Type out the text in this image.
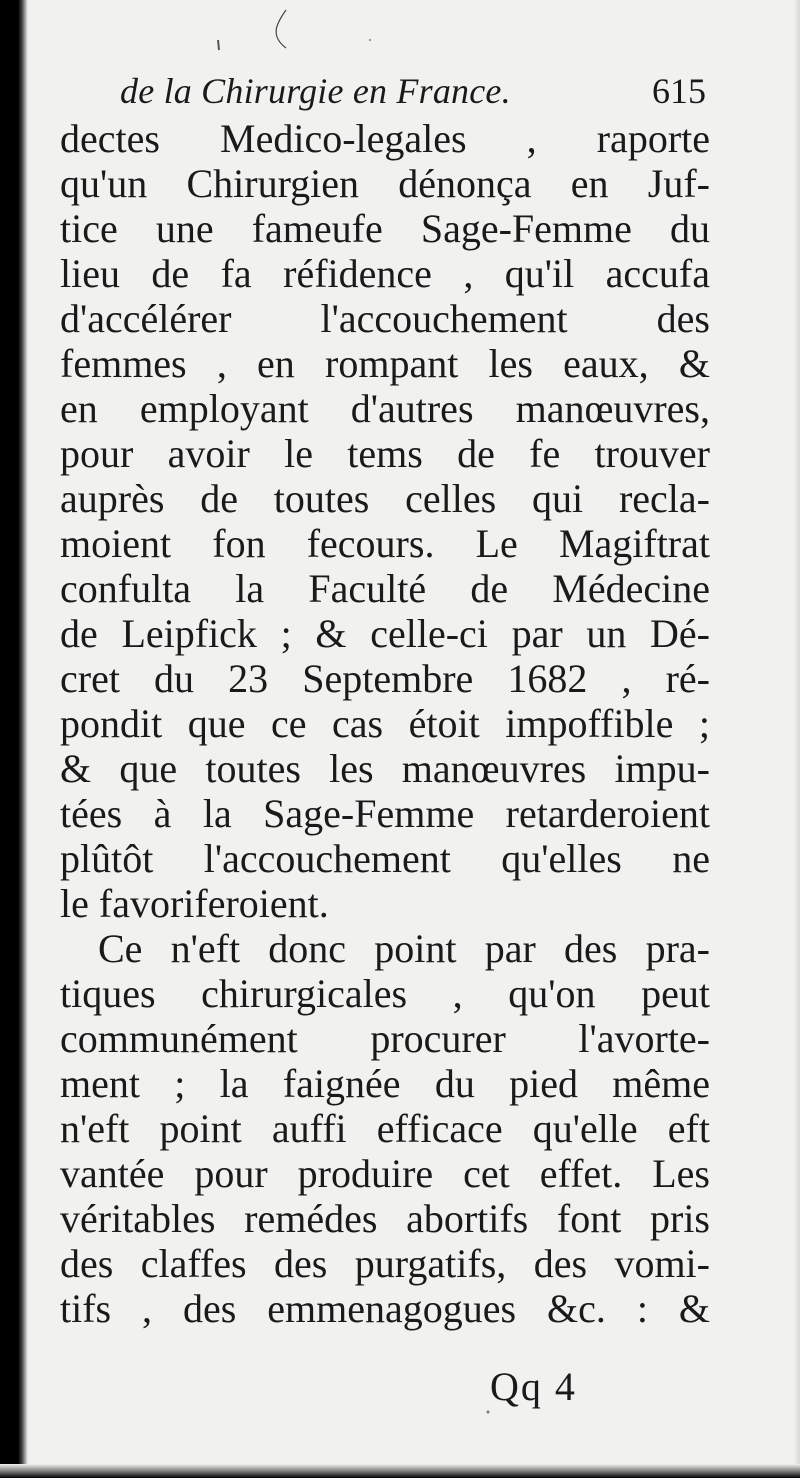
de la Chirurgie en France.	615
dectes Medico-legales , raporte
qu'un Chirurgien dénonça en Juf-
tice une fameufe Sage-Femme du
lieu de fa réfidence , qu'il accufa
d'accélérer l'accouchement des
femmes , en rompant les eaux, &
en employant d'autres manœuvres,
pour avoir le tems de fe trouver
auprès de toutes celles qui recla-
moient fon fecours. Le Magiftrat
confulta la Faculté de Médecine
de Leipfick ; & celle-ci par un Dé-
cret du 23 Septembre 1682 , ré-
pondit que ce cas étoit impoffible ;
& que toutes les manœuvres impu-
tées à la Sage-Femme retarderoient
plûtôt l'accouchement qu'elles ne
le favoriferoient.
Ce n'eft donc point par des pra-
tiques chirurgicales , qu'on peut
communément procurer l'avorte-
ment ; la faignée du pied même
n'eft point auffi efficace qu'elle eft
vantée pour produire cet effet. Les
véritables remédes abortifs font pris
des claffes des purgatifs, des vomi-
tifs , des emmenagogues &c. : &
Qq 4
